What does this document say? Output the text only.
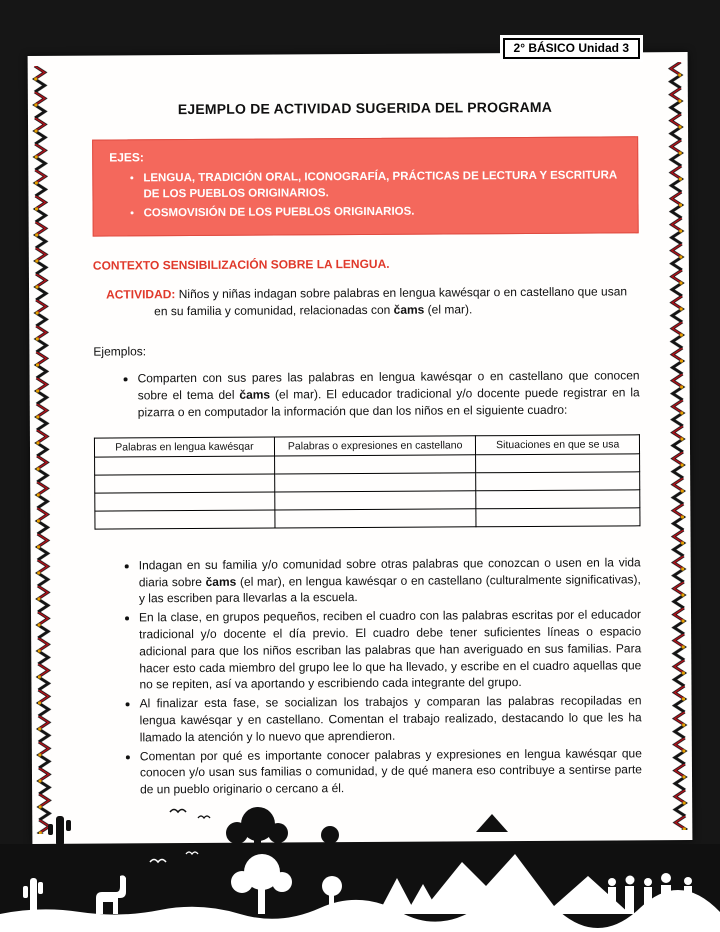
2° BÁSICO Unidad 3
EJEMPLO DE ACTIVIDAD SUGERIDA DEL PROGRAMA
EJES:
• LENGUA, TRADICIÓN ORAL, ICONOGRAFÍA, PRÁCTICAS DE LECTURA Y ESCRITURA DE LOS PUEBLOS ORIGINARIOS.
• COSMOVISIÓN DE LOS PUEBLOS ORIGINARIOS.
CONTEXTO SENSIBILIZACIÓN SOBRE LA LENGUA.

ACTIVIDAD: Niños y niñas indagan sobre palabras en lengua kawésqar o en castellano que usan en su familia y comunidad, relacionadas con čams (el mar).

Ejemplos:

• Comparten con sus pares las palabras en lengua kawésqar o en castellano que conocen sobre el tema del čams (el mar). El educador tradicional y/o docente puede registrar en la pizarra o en computador la información que dan los niños en el siguiente cuadro:
Palabras en lengua kawésqar	Palabras o expresiones en castellano	Situaciones en que se usa

• Indagan en su familia y/o comunidad sobre otras palabras que conozcan o usen en la vida diaria sobre čams (el mar), en lengua kawésqar o en castellano (culturalmente significativas), y las escriben para llevarlas a la escuela.
• En la clase, en grupos pequeños, reciben el cuadro con las palabras escritas por el educador tradicional y/o docente el día previo. El cuadro debe tener suficientes líneas o espacio adicional para que los niños escriban las palabras que han averiguado en sus familias. Para hacer esto cada miembro del grupo lee lo que ha llevado, y escribe en el cuadro aquellas que no se repiten, así va aportando y escribiendo cada integrante del grupo.
• Al finalizar esta fase, se socializan los trabajos y comparan las palabras recopiladas en lengua kawésqar y en castellano. Comentan el trabajo realizado, destacando lo que les ha llamado la atención y lo nuevo que aprendieron.
• Comentan por qué es importante conocer palabras y expresiones en lengua kawésqar que conocen y/o usan sus familias o comunidad, y de qué manera eso contribuye a sentirse parte de un pueblo originario o cercano a él.
